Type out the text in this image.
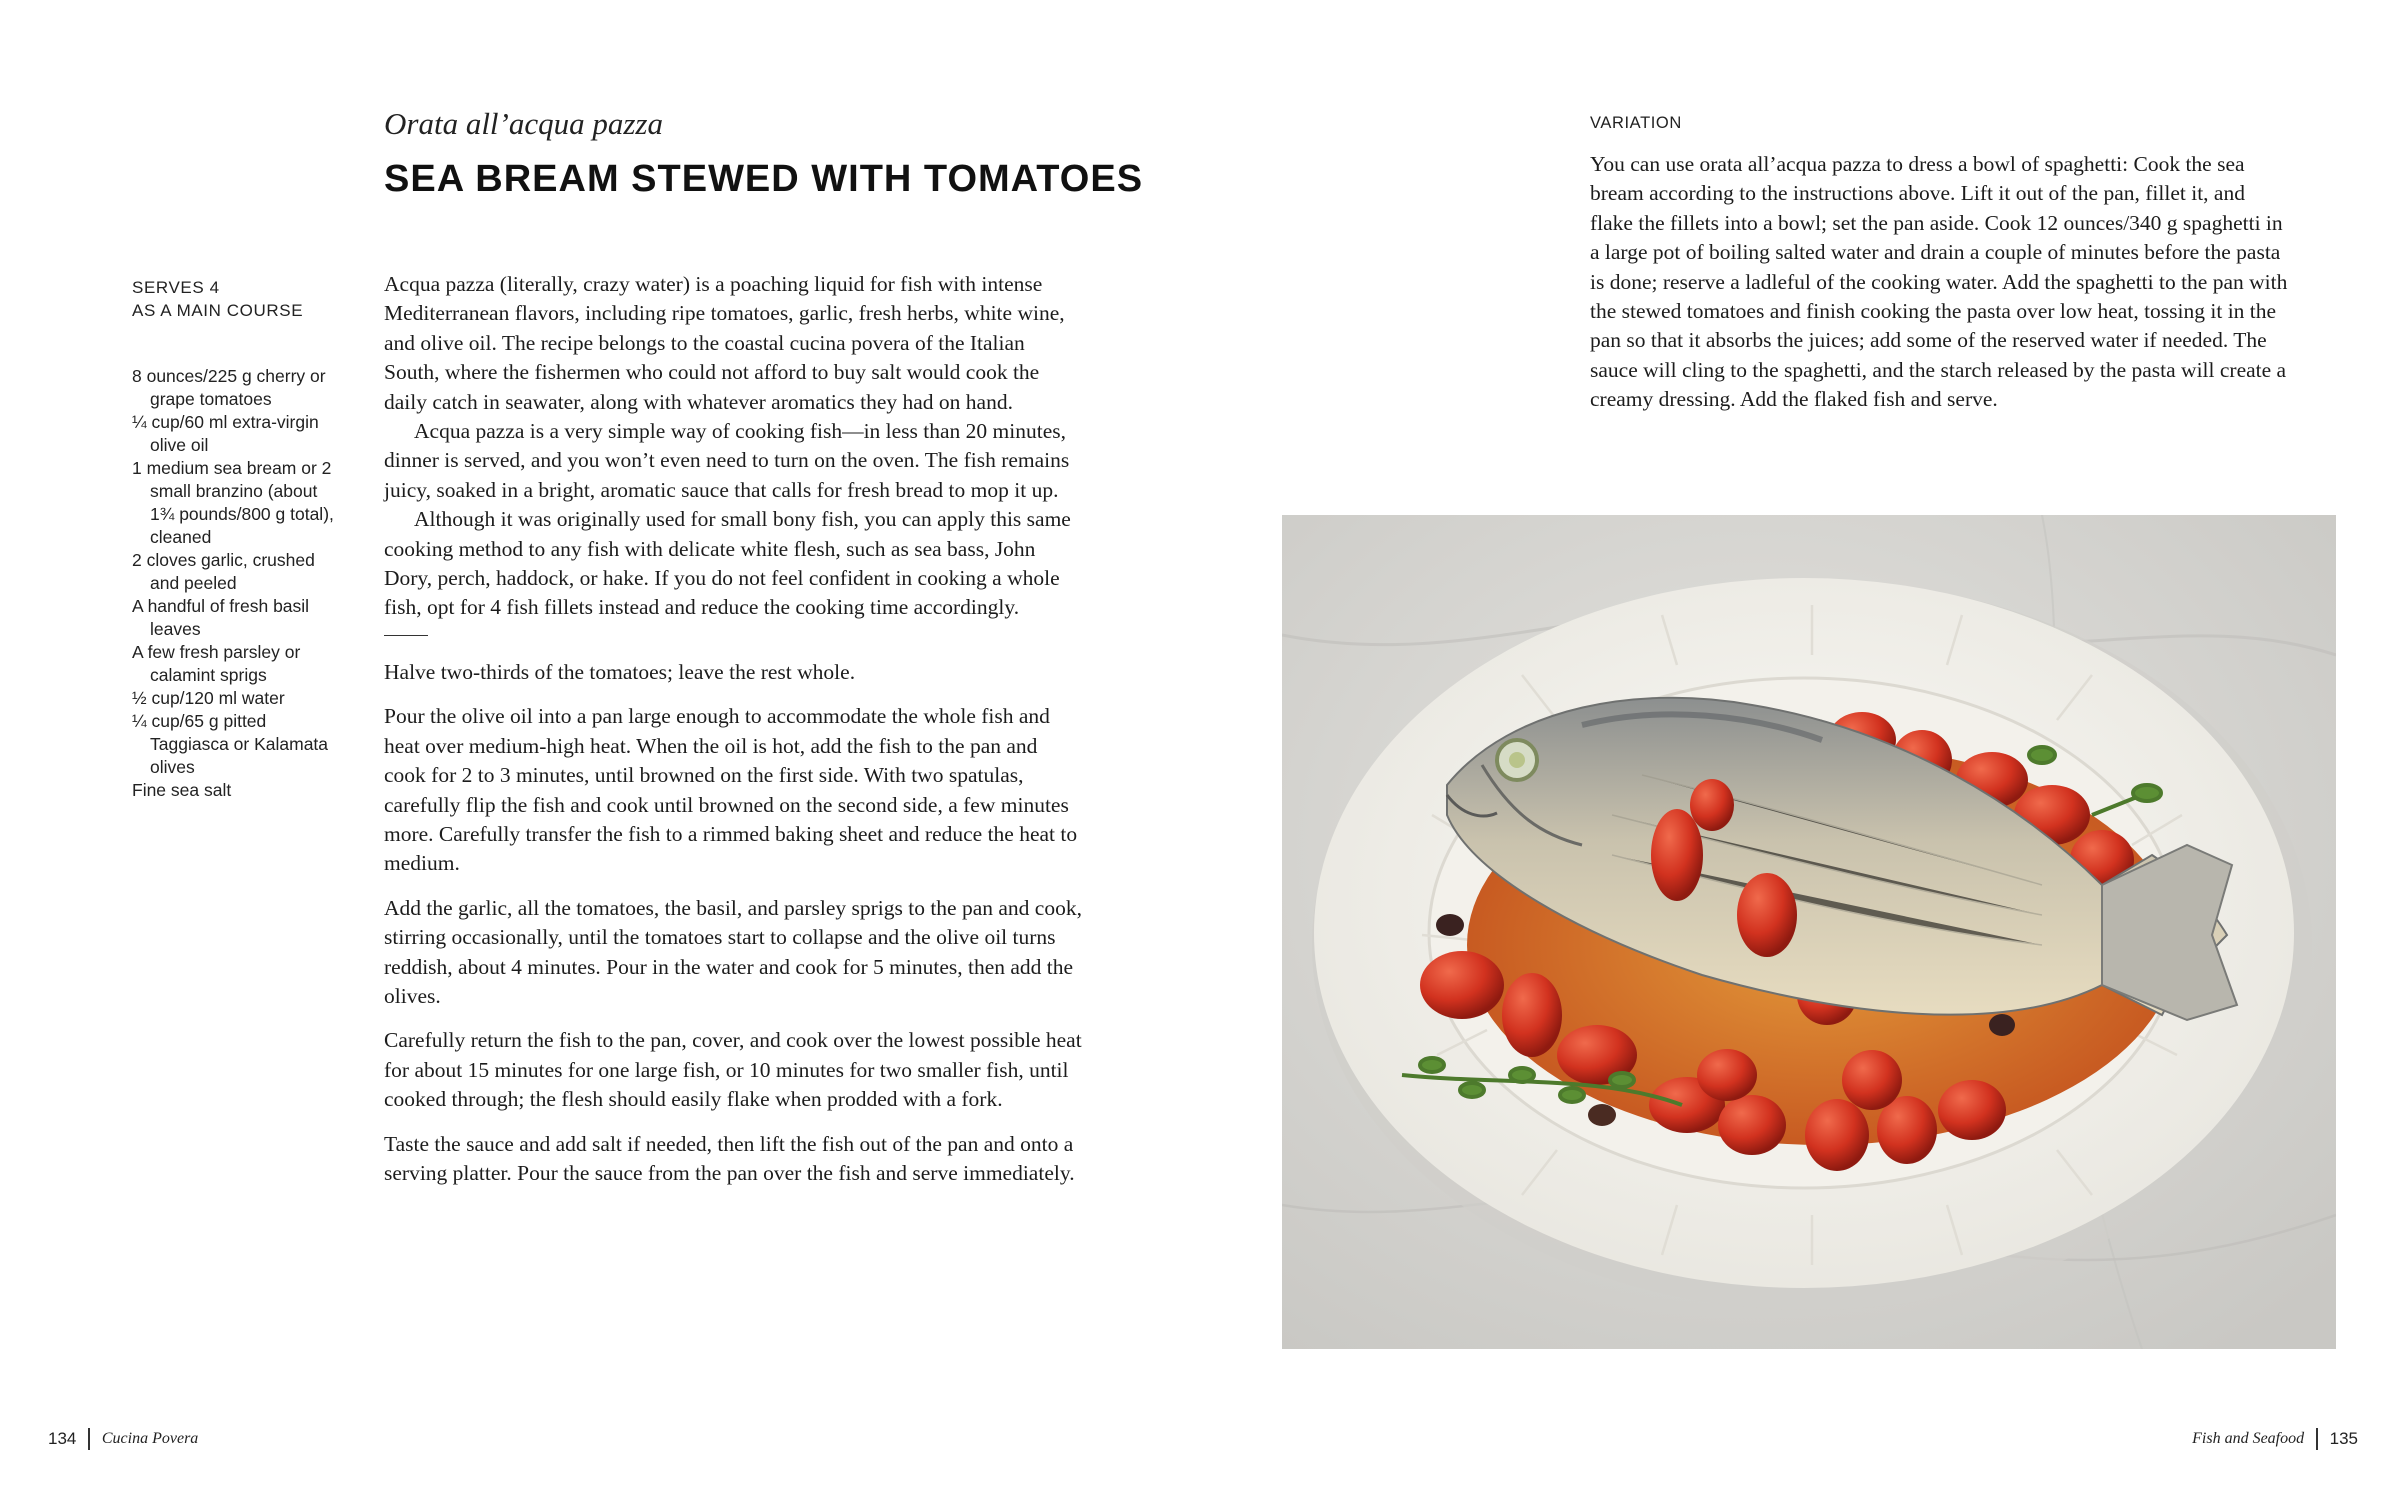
Orata all’acqua pazza
SEA BREAM STEWED WITH TOMATOES
SERVES 4
AS A MAIN COURSE
8 ounces/225 g cherry or grape tomatoes
¼ cup/60 ml extra-virgin olive oil
1 medium sea bream or 2 small branzino (about 1¾ pounds/800 g total), cleaned
2 cloves garlic, crushed and peeled
A handful of fresh basil leaves
A few fresh parsley or calamint sprigs
½ cup/120 ml water
¼ cup/65 g pitted Taggiasca or Kalamata olives
Fine sea salt

Acqua pazza (literally, crazy water) is a poaching liquid for fish with intense Mediterranean flavors, including ripe tomatoes, garlic, fresh herbs, white wine, and olive oil. The recipe belongs to the coastal cucina povera of the Italian South, where the fishermen who could not afford to buy salt would cook the daily catch in seawater, along with whatever aromatics they had on hand.

Acqua pazza is a very simple way of cooking fish—in less than 20 minutes, dinner is served, and you won’t even need to turn on the oven. The fish remains juicy, soaked in a bright, aromatic sauce that calls for fresh bread to mop it up.

Although it was originally used for small bony fish, you can apply this same cooking method to any fish with delicate white flesh, such as sea bass, John Dory, perch, haddock, or hake. If you do not feel confident in cooking a whole fish, opt for 4 fish fillets instead and reduce the cooking time accordingly.

Halve two-thirds of the tomatoes; leave the rest whole.

Pour the olive oil into a pan large enough to accommodate the whole fish and heat over medium-high heat. When the oil is hot, add the fish to the pan and cook for 2 to 3 minutes, until browned on the first side. With two spatulas, carefully flip the fish and cook until browned on the second side, a few minutes more. Carefully transfer the fish to a rimmed baking sheet and reduce the heat to medium.

Add the garlic, all the tomatoes, the basil, and parsley sprigs to the pan and cook, stirring occasionally, until the tomatoes start to collapse and the olive oil turns reddish, about 4 minutes. Pour in the water and cook for 5 minutes, then add the olives.

Carefully return the fish to the pan, cover, and cook over the lowest possible heat for about 15 minutes for one large fish, or 10 minutes for two smaller fish, until cooked through; the flesh should easily flake when prodded with a fork.

Taste the sauce and add salt if needed, then lift the fish out of the pan and onto a serving platter. Pour the sauce from the pan over the fish and serve immediately.

VARIATION

You can use orata all’acqua pazza to dress a bowl of spaghetti: Cook the sea bream according to the instructions above. Lift it out of the pan, fillet it, and flake the fillets into a bowl; set the pan aside. Cook 12 ounces/340 g spaghetti in a large pot of boiling salted water and drain a couple of minutes before the pasta is done; reserve a ladleful of the cooking water. Add the spaghetti to the pan with the stewed tomatoes and finish cooking the pasta over low heat, tossing it in the pan so that it absorbs the juices; add some of the reserved water if needed. The sauce will cling to the spaghetti, and the starch released by the pasta will create a creamy dressing. Add the flaked fish and serve.

134 Cucina Povera	Fish and Seafood 135
